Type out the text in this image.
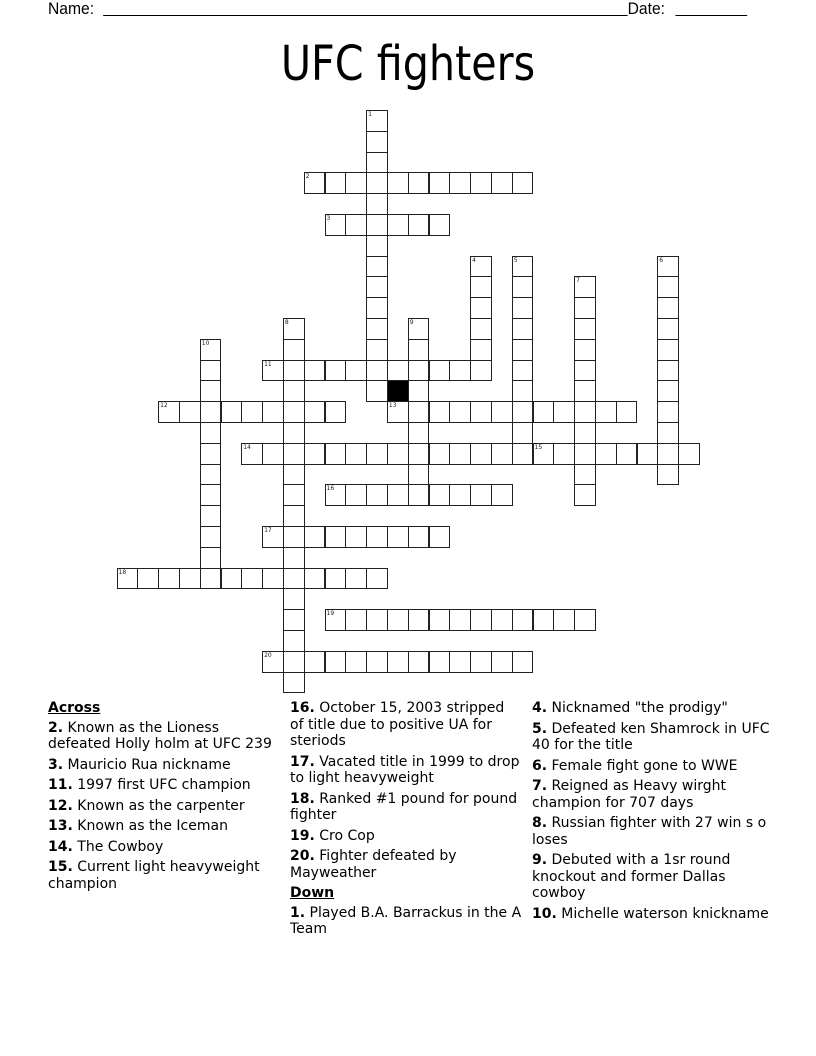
Name:	Date:
UFC fighters
1
2
3
4	5	6
7
8	9
10
11
12	13
14	15
16
17
18
19
20
Across
2. Known as the Lioness defeated Holly holm at UFC 239
3. Mauricio Rua nickname
11. 1997 first UFC champion
12. Known as the carpenter
13. Known as the Iceman
14. The Cowboy
15. Current light heavyweight champion
16. October 15, 2003 stripped of title due to positive UA for steriods
17. Vacated title in 1999 to drop to light heavyweight
18. Ranked #1 pound for pound fighter
19. Cro Cop
20. Fighter defeated by Mayweather
Down
1. Played B.A. Barrackus in the A Team
4. Nicknamed "the prodigy"
5. Defeated ken Shamrock in UFC 40 for the title
6. Female fight gone to WWE
7. Reigned as Heavy wirght champion for 707 days
8. Russian fighter with 27 win s o loses
9. Debuted with a 1sr round knockout and former Dallas cowboy
10. Michelle waterson knickname
